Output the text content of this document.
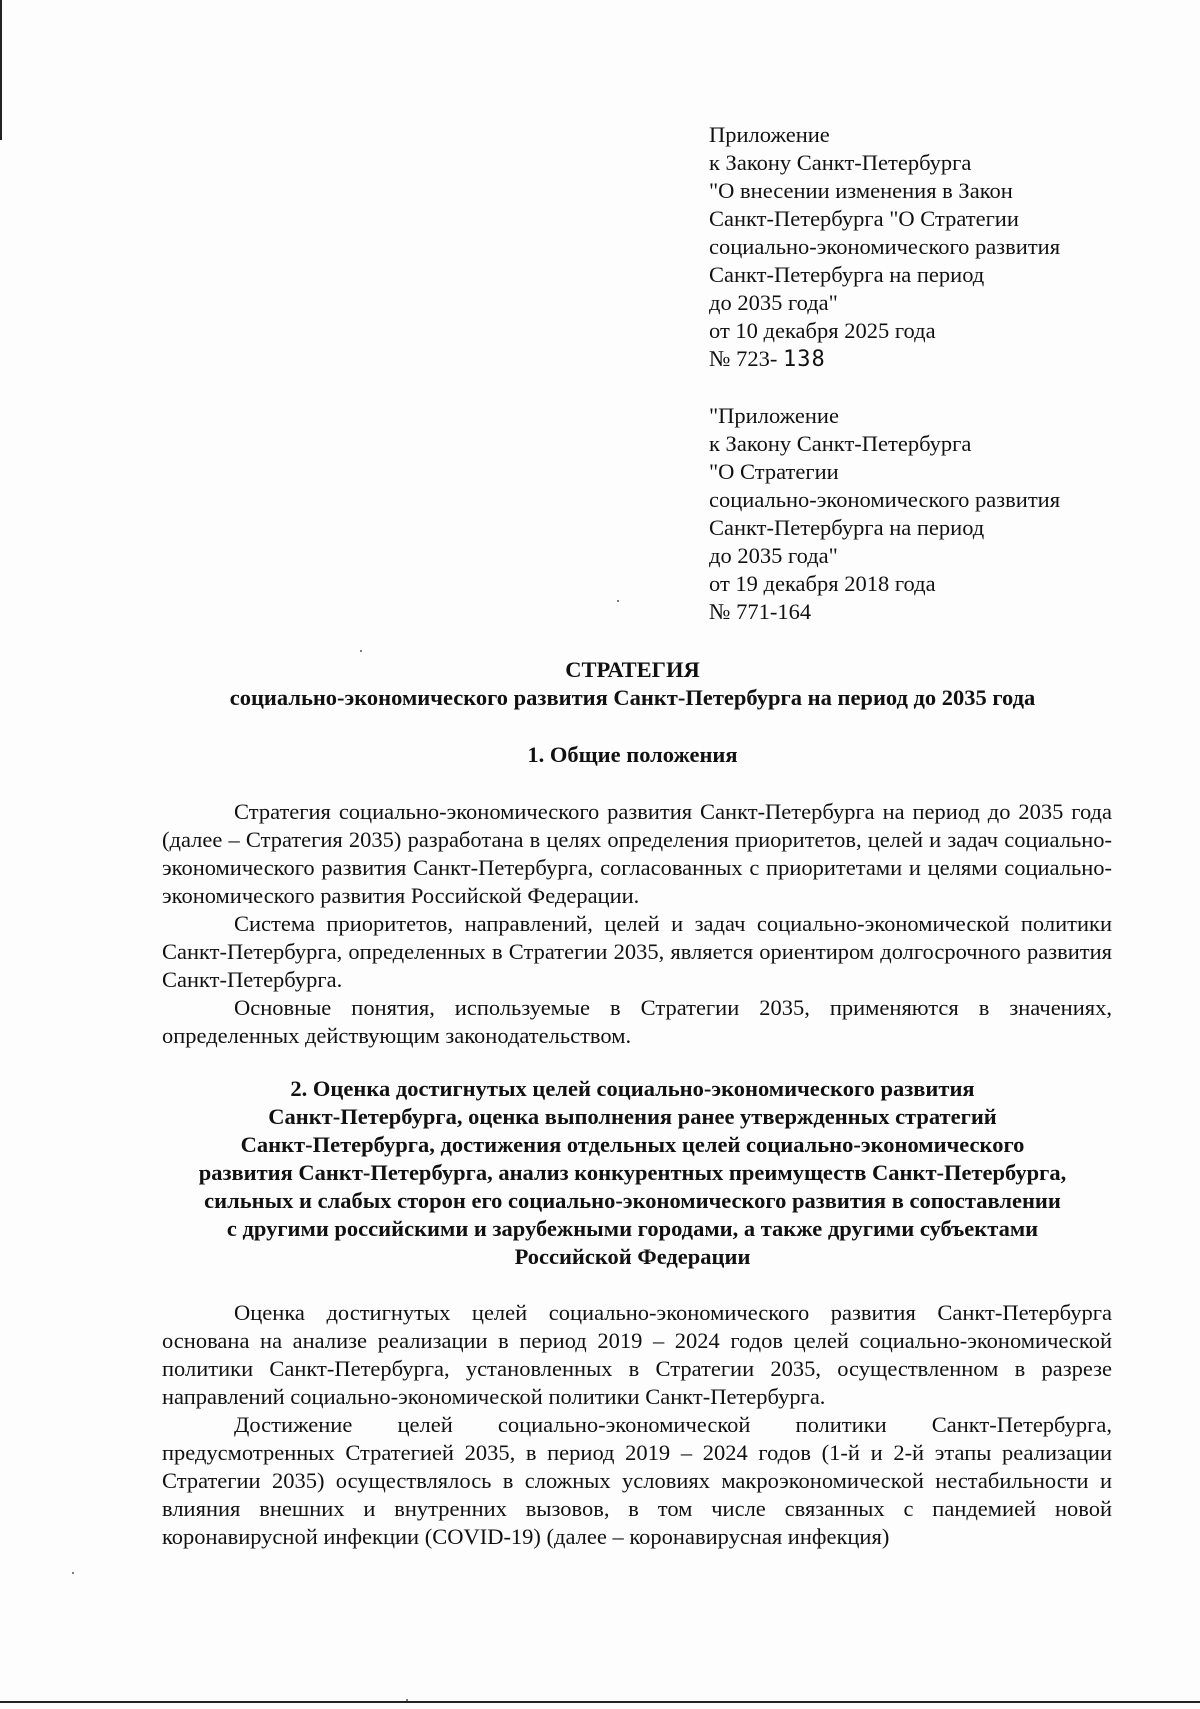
Приложение
к Закону Санкт-Петербурга
"О внесении изменения в Закон
Санкт-Петербурга "О Стратегии
социально-экономического развития
Санкт-Петербурга на период
до 2035 года"
от 10 декабря 2025 года
№ 723- 138
"Приложение
к Закону Санкт-Петербурга
"О Стратегии
социально-экономического развития
Санкт-Петербурга на период
до 2035 года"
от 19 декабря 2018 года
№ 771-164
СТРАТЕГИЯ
социально-экономического развития Санкт-Петербурга на период до 2035 года
1. Общие положения

Стратегия социально-экономического развития Санкт-Петербурга на период до 2035 года (далее – Стратегия 2035) разработана в целях определения приоритетов, целей и задач социально-экономического развития Санкт-Петербурга, согласованных с приоритетами и целями социально-экономического развития Российской Федерации.

Система приоритетов, направлений, целей и задач социально-экономической политики Санкт-Петербурга, определенных в Стратегии 2035, является ориентиром долгосрочного развития Санкт-Петербурга.

Основные понятия, используемые в Стратегии 2035, применяются в значениях, определенных действующим законодательством.

2. Оценка достигнутых целей социально-экономического развития
Санкт-Петербурга, оценка выполнения ранее утвержденных стратегий
Санкт-Петербурга, достижения отдельных целей социально-экономического
развития Санкт-Петербурга, анализ конкурентных преимуществ Санкт-Петербурга,
сильных и слабых сторон его социально-экономического развития в сопоставлении
с другими российскими и зарубежными городами, а также другими субъектами
Российской Федерации

Оценка достигнутых целей социально-экономического развития Санкт-Петербурга основана на анализе реализации в период 2019 – 2024 годов целей социально-экономической политики Санкт-Петербурга, установленных в Стратегии 2035, осуществленном в разрезе направлений социально-экономической политики Санкт-Петербурга.

Достижение целей социально-экономической политики Санкт-Петербурга, предусмотренных Стратегией 2035, в период 2019 – 2024 годов (1-й и 2-й этапы реализации Стратегии 2035) осуществлялось в сложных условиях макроэкономической нестабильности и влияния внешних и внутренних вызовов, в том числе связанных с пандемией новой коронавирусной инфекции (COVID-19) (далее – коронавирусная инфекция)
